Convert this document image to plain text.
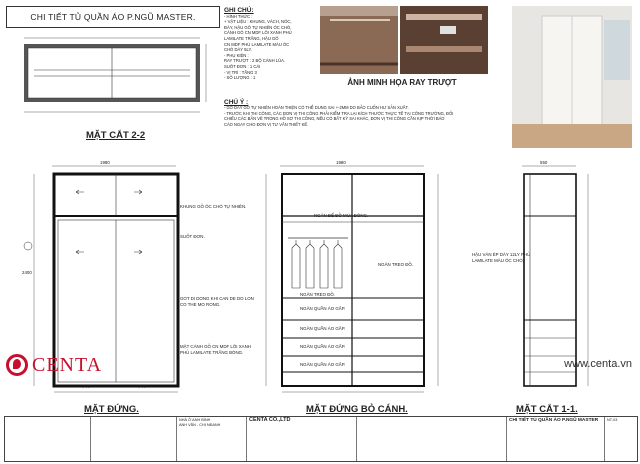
CHI TIẾT TỦ QUẦN ÁO P.NGŨ MASTER.
MẶT CẮT 2-2
GHI CHÚ:
- HÌNH THỨC :
+ VẬT LIỆU : KHUNG, VÁCH, NÓC,
ĐÁY, HẬU GỖ TỰ NHIÊN ÓC CHÓ,
CÁNH GỖ CN MDF LÕI XANH PHỦ
LAMILATE TRẮNG, HẬU GỖ
CN MDF PHỦ LAMILATE MÀU ÓC
CHÓ DÀY 5LY.
- PHỤ KIỆN :
RAY TRƯỢT : 2 BỘ CÁNH LÙA.
SUỐT ĐƠN : 1 CÁI
- VỊ TRÍ : TẦNG 3
- SỐ LƯỢNG : 1
ẢNH MINH HỌA RAY TRƯỢT
CHÚ Ý :
- GỖ DÀY GỖ TỰ NHIÊN HOÀN THIỆN CÓ THỂ DUNG SAI +-2MM DO BẢO CUỐN HƯ SẢN XUẤT.
- TRƯỚC KHI THI CÔNG, CÁC ĐƠN VỊ THI CÔNG PHẢI KIỂM TRA LẠI KÍCH THƯỚC THỰC TẾ TẠI CÔNG TRƯỜNG, ĐỐI
CHIẾU CÁC BẢN VẼ TRONG HỒ SƠ THI CÔNG, NẾU CÓ BẤT KỲ SAI KHÁC, ĐƠN VỊ THI CÔNG CẦN KỊP THỜI BÁO
CÁO NGAY CHO ĐƠN VỊ TƯ VẤN THIẾT KẾ.
1980
2400
744	744
KHUNG GỖ ÓC CHÓ TỰ NHIÊN.
SUỐT ĐƠN.
GOT DI DONG KHI CAN DE DO LON
CO THE MO RONG.
MẶT CÁNH GỖ CN MDF LÕI XANH
PHỦ LAMILATE TRẮNG BÓNG.
MẶT ĐỨNG.
1980
NGĂN ĐỂ ĐỒ MÙA ĐÔNG.
NGĂN TREO ĐỒ.
NGĂN TREO ĐỒ.
NGĂN QUẦN ÁO GẤP.
NGĂN QUẦN ÁO GẤP.
NGĂN QUẦN ÁO GẤP.
NGĂN QUẦN ÁO GẤP.
MẶT ĐỨNG BỎ CÁNH.
550
HẬU VÁN ÉP DÀY 12LY PHỦ
LAMILATE MÀU ÓC CHÓ.
MẶT CẮT 1-1.
CENTA	www.centa.vn
NHÀ Ở ANH BÌNH
ANH VĂN - CHỊ NĐANH
CENTA CO.,LTD	CHI TIẾT TỦ QUẦN ÁO P.NGŨ MASTER	NT-03
